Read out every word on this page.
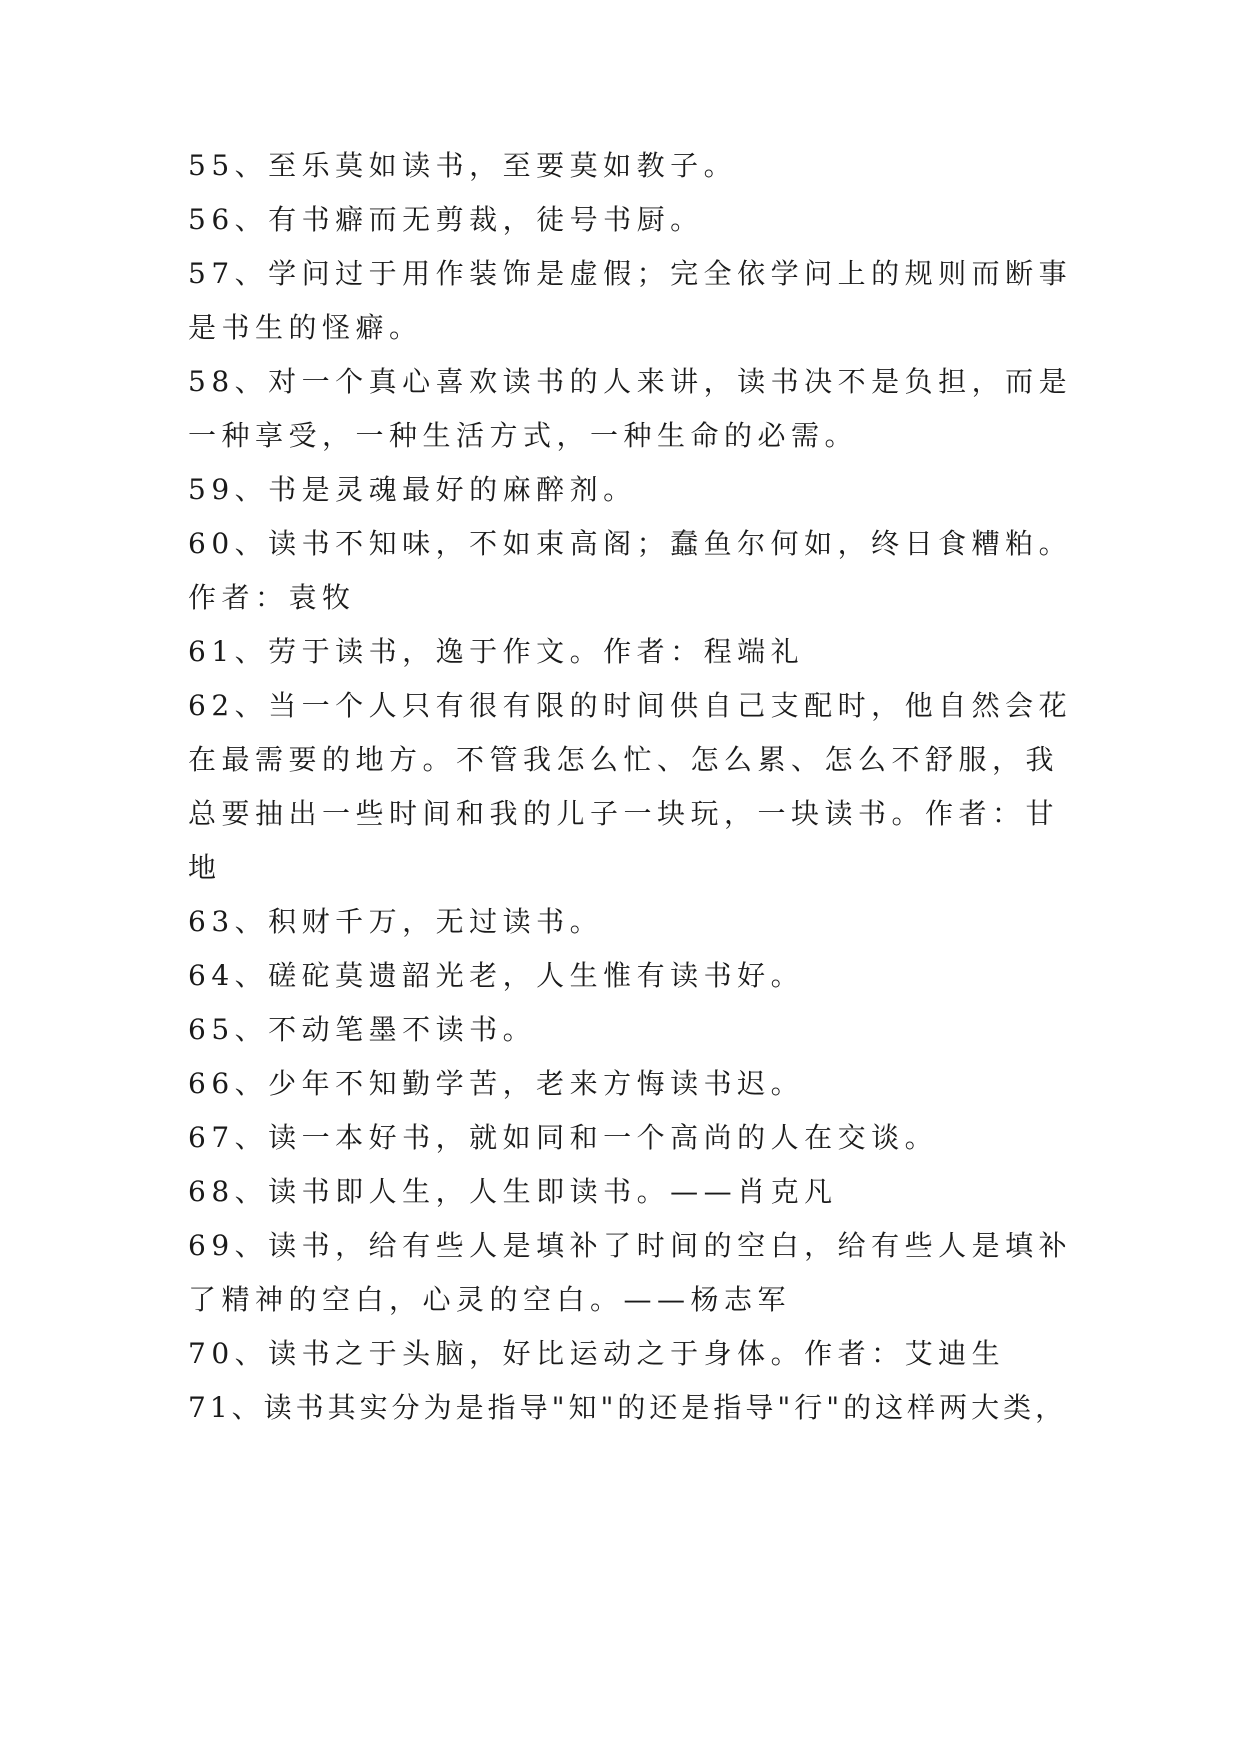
55、至乐莫如读书，至要莫如教子。
56、有书癖而无剪裁，徒号书厨。
57、学问过于用作装饰是虚假；完全依学问上的规则而断事
是书生的怪癖。
58、对一个真心喜欢读书的人来讲，读书决不是负担，而是
一种享受，一种生活方式，一种生命的必需。
59、书是灵魂最好的麻醉剂。
60、读书不知味，不如束高阁；蠢鱼尔何如，终日食糟粕。
作者：袁牧
61、劳于读书，逸于作文。作者：程端礼
62、当一个人只有很有限的时间供自己支配时，他自然会花
在最需要的地方。不管我怎么忙、怎么累、怎么不舒服，我
总要抽出一些时间和我的儿子一块玩，一块读书。作者：甘
地
63、积财千万，无过读书。
64、磋砣莫遗韶光老，人生惟有读书好。
65、不动笔墨不读书。
66、少年不知勤学苦，老来方悔读书迟。
67、读一本好书，就如同和一个高尚的人在交谈。
68、读书即人生，人生即读书。——肖克凡
69、读书，给有些人是填补了时间的空白，给有些人是填补
了精神的空白，心灵的空白。——杨志军
70、读书之于头脑，好比运动之于身体。作者：艾迪生
71、读书其实分为是指导"知"的还是指导"行"的这样两大类，
